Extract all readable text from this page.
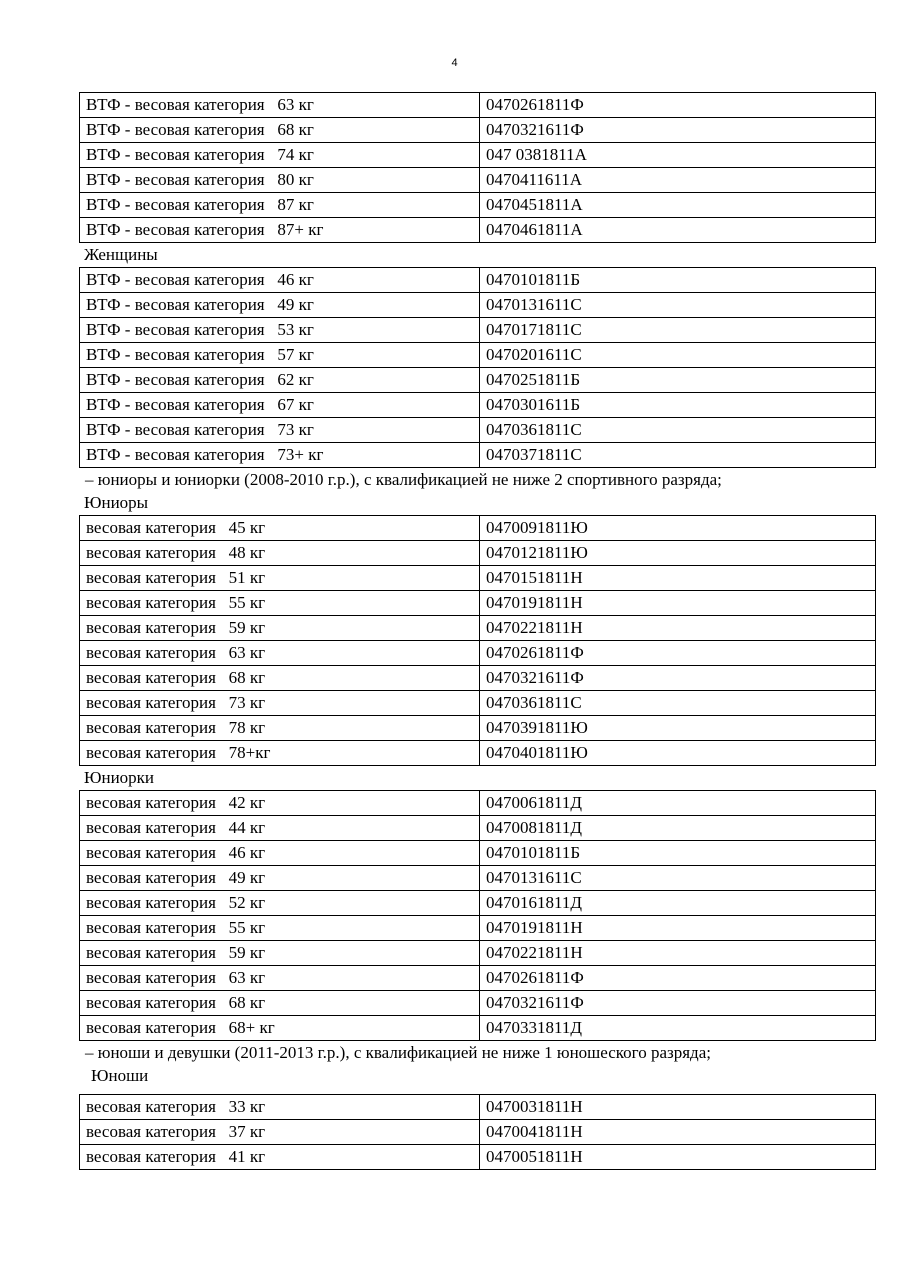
4
ВТФ - весовая категория   63 кг	0470261811Ф
ВТФ - весовая категория   68 кг	0470321611Ф
ВТФ - весовая категория   74 кг	047 0381811А
ВТФ - весовая категория   80 кг	0470411611А
ВТФ - весовая категория   87 кг	0470451811А
ВТФ - весовая категория   87+ кг	0470461811А
Женщины
ВТФ - весовая категория   46 кг	0470101811Б
ВТФ - весовая категория   49 кг	0470131611С
ВТФ - весовая категория   53 кг	0470171811С
ВТФ - весовая категория   57 кг	0470201611С
ВТФ - весовая категория   62 кг	0470251811Б
ВТФ - весовая категория   67 кг	0470301611Б
ВТФ - весовая категория   73 кг	0470361811С
ВТФ - весовая категория   73+ кг	0470371811С
– юниоры и юниорки (2008-2010 г.р.), с квалификацией не ниже 2 спортивного разряда;
Юниоры
весовая категория   45 кг	0470091811Ю
весовая категория   48 кг	0470121811Ю
весовая категория   51 кг	0470151811Н
весовая категория   55 кг	0470191811Н
весовая категория   59 кг	0470221811Н
весовая категория   63 кг	0470261811Ф
весовая категория   68 кг	0470321611Ф
весовая категория   73 кг	0470361811С
весовая категория   78 кг	0470391811Ю
весовая категория   78+кг	0470401811Ю
Юниорки
весовая категория   42 кг	0470061811Д
весовая категория   44 кг	0470081811Д
весовая категория   46 кг	0470101811Б
весовая категория   49 кг	0470131611С
весовая категория   52 кг	0470161811Д
весовая категория   55 кг	0470191811Н
весовая категория   59 кг	0470221811Н
весовая категория   63 кг	0470261811Ф
весовая категория   68 кг	0470321611Ф
весовая категория   68+ кг	0470331811Д
– юноши и девушки (2011-2013 г.р.), с квалификацией не ниже 1 юношеского разряда;
Юноши
весовая категория   33 кг	0470031811Н
весовая категория   37 кг	0470041811Н
весовая категория   41 кг	0470051811Н
